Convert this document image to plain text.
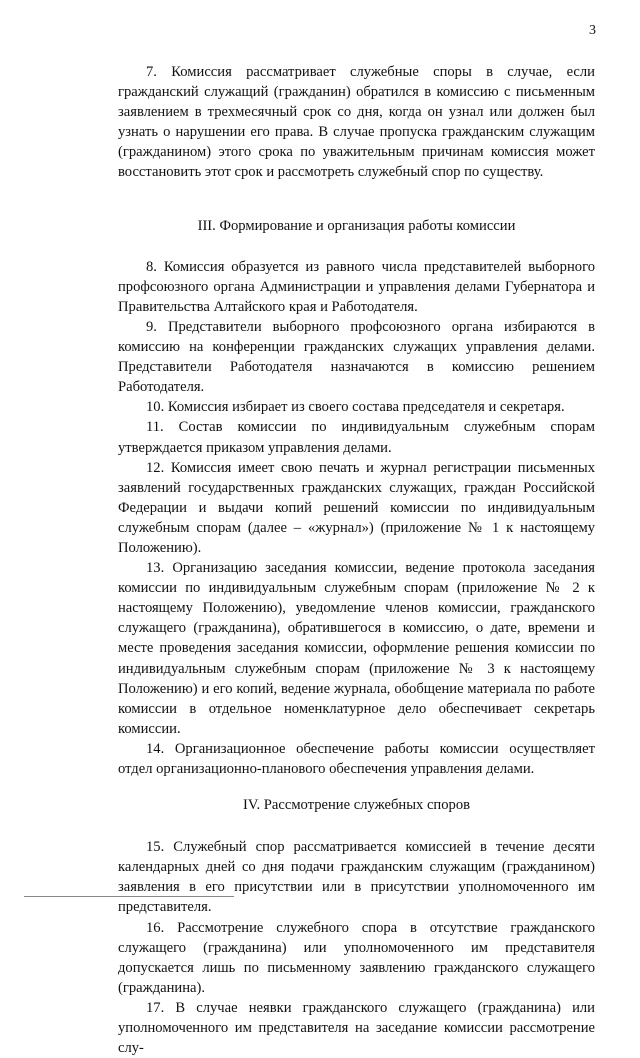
3

7. Комиссия рассматривает служебные споры в случае, если гражданский служащий (гражданин) обратился в комиссию с письменным заявлением в трехмесячный срок со дня, когда он узнал или должен был узнать о нарушении его права. В случае пропуска гражданским служащим (гражданином) этого срока по уважительным причинам комиссия может восстановить этот срок и рассмотреть служебный спор по существу.

III. Формирование и организация работы комиссии

8. Комиссия образуется из равного числа представителей выборного профсоюзного органа Администрации и управления делами Губернатора и Правительства Алтайского края и Работодателя.

9. Представители выборного профсоюзного органа избираются в комиссию на конференции гражданских служащих управления делами. Представители Работодателя назначаются в комиссию решением Работодателя.

10. Комиссия избирает из своего состава председателя и секретаря.

11. Состав комиссии по индивидуальным служебным спорам утверждается приказом управления делами.

12. Комиссия имеет свою печать и журнал регистрации письменных заявлений государственных гражданских служащих, граждан Российской Федерации и выдачи копий решений комиссии по индивидуальным служебным спорам (далее – «журнал») (приложение № 1 к настоящему Положению).

13. Организацию заседания комиссии, ведение протокола заседания комиссии по индивидуальным служебным спорам (приложение № 2 к настоящему Положению), уведомление членов комиссии, гражданского служащего (гражданина), обратившегося в комиссию, о дате, времени и месте проведения заседания комиссии, оформление решения комиссии по индивидуальным служебным спорам (приложение № 3 к настоящему Положению) и его копий, ведение журнала, обобщение материала по работе комиссии в отдельное номенклатурное дело обеспечивает секретарь комиссии.

14. Организационное обеспечение работы комиссии осуществляет отдел организационно-планового обеспечения управления делами.

IV. Рассмотрение служебных споров

15. Служебный спор рассматривается комиссией в течение десяти календарных дней со дня подачи гражданским служащим (гражданином) заявления в его присутствии или в присутствии уполномоченного им представителя.

16. Рассмотрение служебного спора в отсутствие гражданского служащего (гражданина) или уполномоченного им представителя допускается лишь по письменному заявлению гражданского служащего (гражданина).

17. В случае неявки гражданского служащего (гражданина) или уполномоченного им представителя на заседание комиссии рассмотрение слу-
